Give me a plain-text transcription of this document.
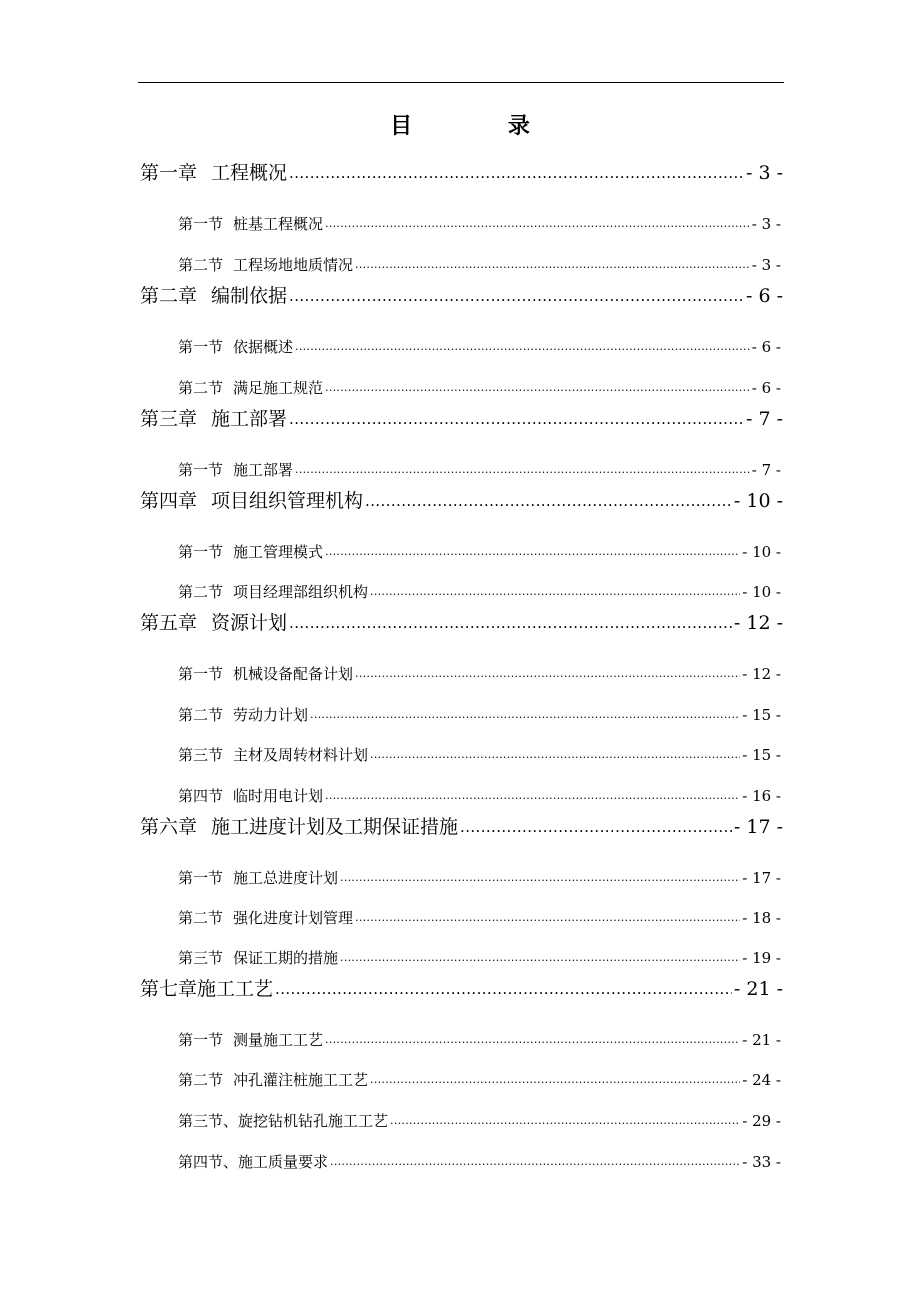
目 录
第一章 工程概况 .....	- 3 -
第一节 桩基工程概况 .....	- 3 -
第二节 工程场地地质情况 .....	- 3 -
第二章 编制依据 .....	- 6 -
第一节 依据概述 .....	- 6 -
第二节 满足施工规范 .....	- 6 -
第三章 施工部署 .....	- 7 -
第一节 施工部署 .....	- 7 -
第四章 项目组织管理机构 .....	- 10 -
第一节 施工管理模式 .....	- 10 -
第二节 项目经理部组织机构 .....	- 10 -
第五章 资源计划 .....	- 12 -
第一节 机械设备配备计划 .....	- 12 -
第二节 劳动力计划 .....	- 15 -
第三节 主材及周转材料计划 .....	- 15 -
第四节 临时用电计划 .....	- 16 -
第六章 施工进度计划及工期保证措施 .....	- 17 -
第一节 施工总进度计划 .....	- 17 -
第二节 强化进度计划管理 .....	- 18 -
第三节 保证工期的措施 .....	- 19 -
第七章施工工艺 .....	- 21 -
第一节 测量施工工艺 .....	- 21 -
第二节 冲孔灌注桩施工工艺 .....	- 24 -
第三节、旋挖钻机钻孔施工工艺 .....	- 29 -
第四节、施工质量要求 .....	- 33 -
